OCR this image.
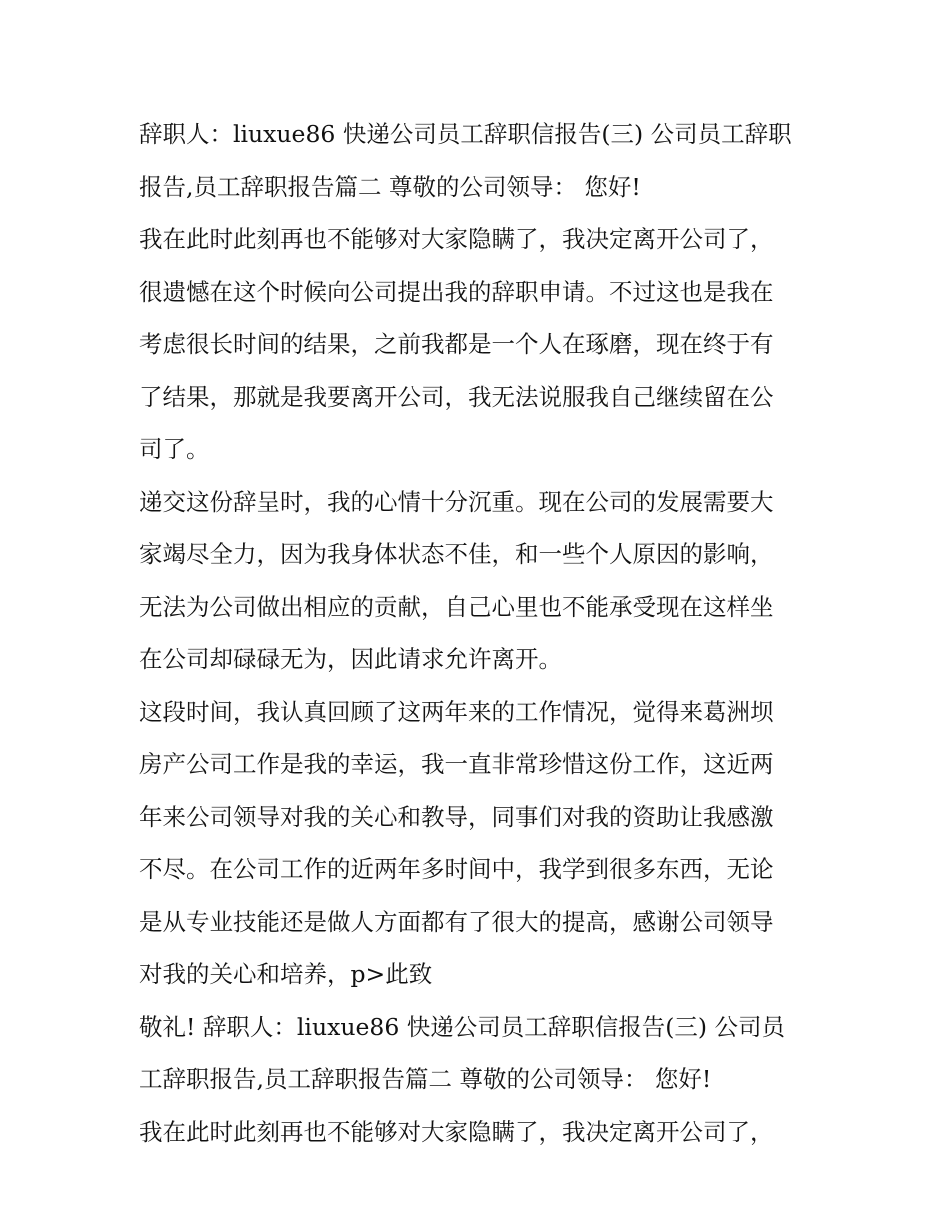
辞职人：liuxue86 快递公司员工辞职信报告(三) 公司员工辞职
报告,员工辞职报告篇二 尊敬的公司领导： 您好!
我在此时此刻再也不能够对大家隐瞒了，我决定离开公司了，
很遗憾在这个时候向公司提出我的辞职申请。不过这也是我在
考虑很长时间的结果，之前我都是一个人在琢磨，现在终于有
了结果，那就是我要离开公司，我无法说服我自己继续留在公
司了。
递交这份辞呈时，我的心情十分沉重。现在公司的发展需要大
家竭尽全力，因为我身体状态不佳，和一些个人原因的影响，
无法为公司做出相应的贡献，自己心里也不能承受现在这样坐
在公司却碌碌无为，因此请求允许离开。
这段时间，我认真回顾了这两年来的工作情况，觉得来葛洲坝
房产公司工作是我的幸运，我一直非常珍惜这份工作，这近两
年来公司领导对我的关心和教导，同事们对我的资助让我感激
不尽。在公司工作的近两年多时间中，我学到很多东西，无论
是从专业技能还是做人方面都有了很大的提高，感谢公司领导
对我的关心和培养，p>此致
敬礼! 辞职人：liuxue86 快递公司员工辞职信报告(三) 公司员
工辞职报告,员工辞职报告篇二 尊敬的公司领导： 您好!
我在此时此刻再也不能够对大家隐瞒了，我决定离开公司了，
